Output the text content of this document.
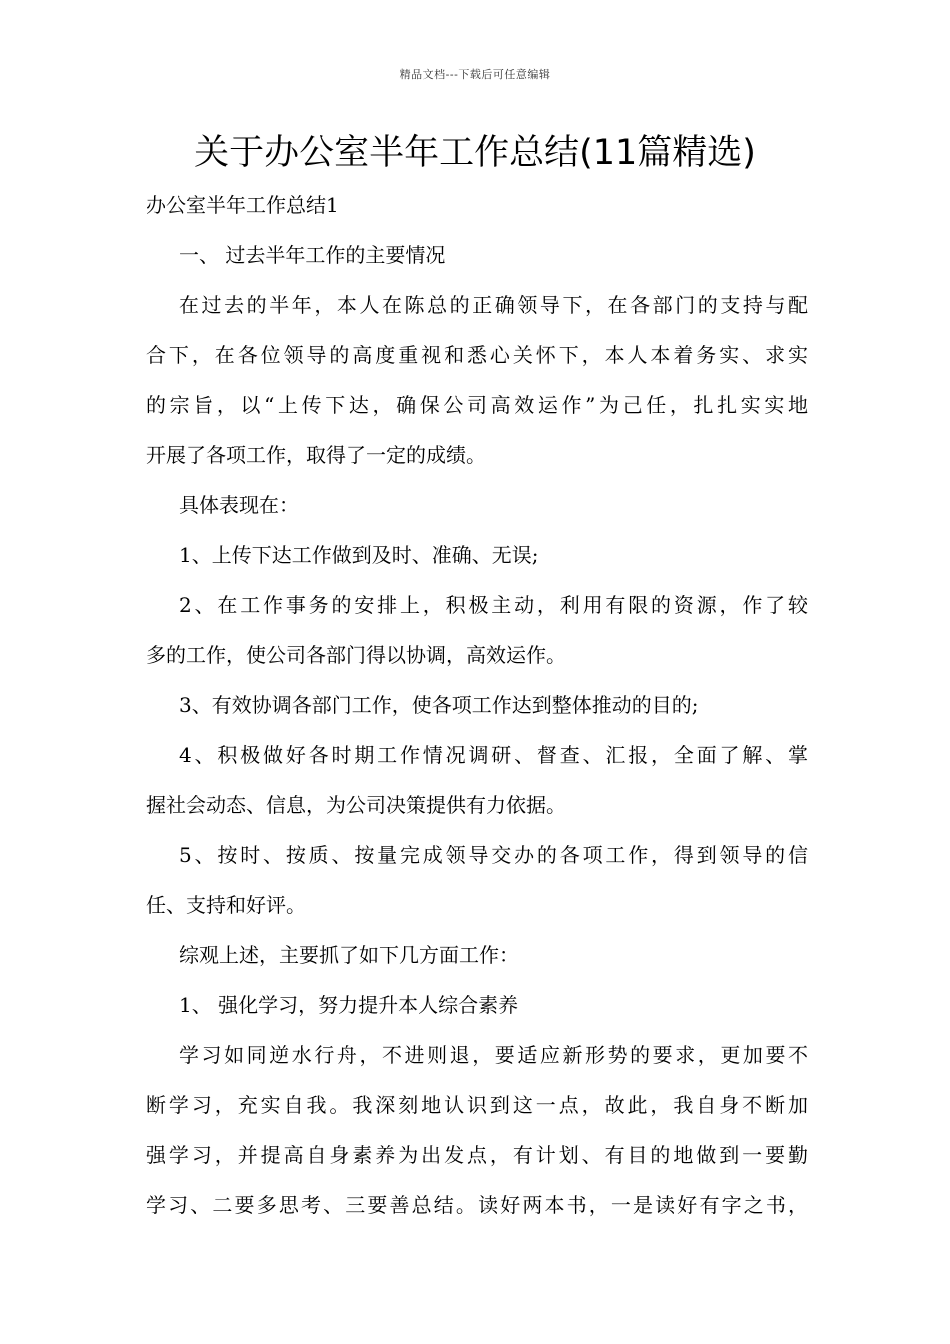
精品文档---下载后可任意编辑
关于办公室半年工作总结(11篇精选)
办公室半年工作总结1
一、 过去半年工作的主要情况
在过去的半年，本人在陈总的正确领导下，在各部门的支持与配
合下，在各位领导的高度重视和悉心关怀下，本人本着务实、求实
的宗旨，以“上传下达，确保公司高效运作”为己任，扎扎实实地
开展了各项工作，取得了一定的成绩。
具体表现在：
1、上传下达工作做到及时、准确、无误;
2、在工作事务的安排上，积极主动，利用有限的资源，作了较
多的工作，使公司各部门得以协调，高效运作。
3、有效协调各部门工作，使各项工作达到整体推动的目的;
4、积极做好各时期工作情况调研、督查、汇报，全面了解、掌
握社会动态、信息，为公司决策提供有力依据。
5、按时、按质、按量完成领导交办的各项工作，得到领导的信
任、支持和好评。
综观上述，主要抓了如下几方面工作：
1、 强化学习，努力提升本人综合素养
学习如同逆水行舟，不进则退，要适应新形势的要求，更加要不
断学习，充实自我。我深刻地认识到这一点，故此，我自身不断加
强学习，并提高自身素养为出发点，有计划、有目的地做到一要勤
学习、二要多思考、三要善总结。读好两本书，一是读好有字之书，
